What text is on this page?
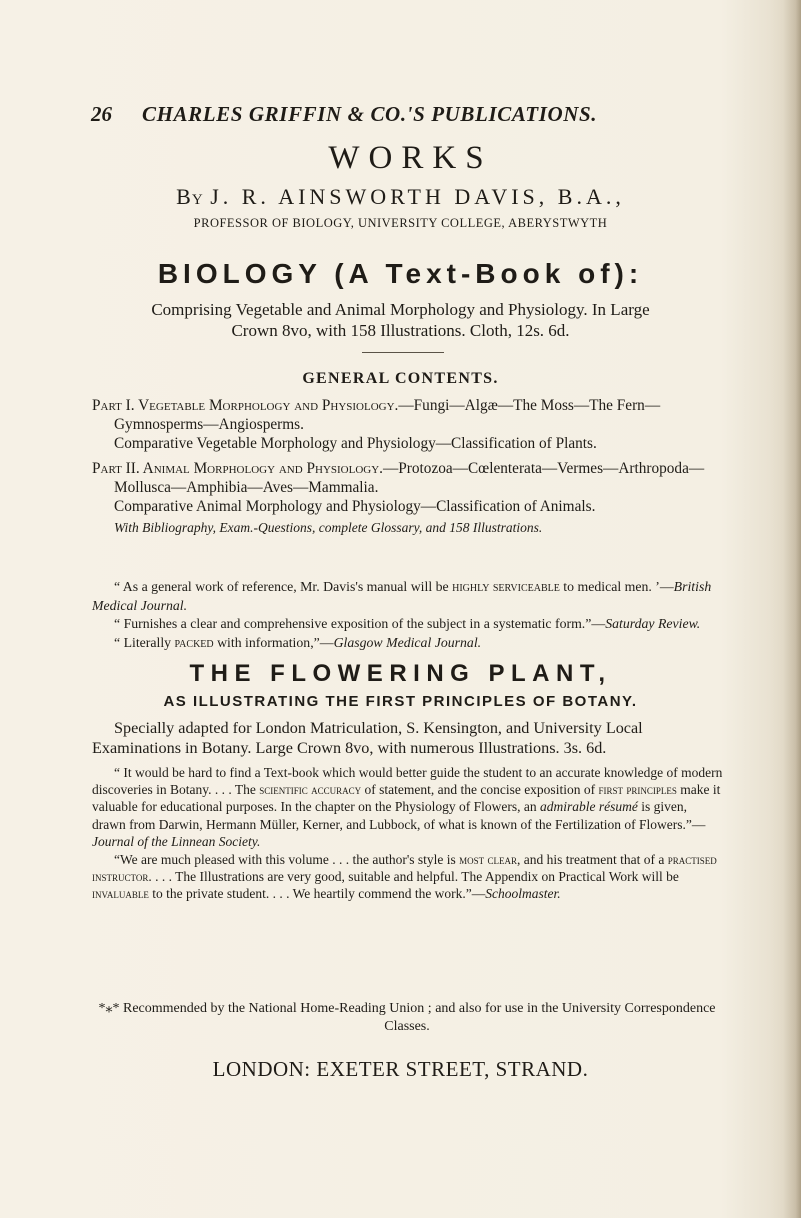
26 CHARLES GRIFFIN & CO.'S PUBLICATIONS.
WORKS
By J. R. AINSWORTH DAVIS, B.A.,
PROFESSOR OF BIOLOGY, UNIVERSITY COLLEGE, ABERYSTWYTH
BIOLOGY (A Text-Book of):
Comprising Vegetable and Animal Morphology and Physiology. In Large
Crown 8vo, with 158 Illustrations. Cloth, 12s. 6d.
GENERAL CONTENTS.

Part I. Vegetable Morphology and Physiology.—Fungi—Algæ—The Moss—The Fern—Gymnosperms—Angiosperms.

Comparative Vegetable Morphology and Physiology—Classification of Plants.

Part II. Animal Morphology and Physiology.—Protozoa—Cœlenterata—Vermes—Arthropoda—Mollusca—Amphibia—Aves—Mammalia.

Comparative Animal Morphology and Physiology—Classification of Animals.

With Bibliography, Exam.-Questions, complete Glossary, and 158 Illustrations.

“ As a general work of reference, Mr. Davis's manual will be highly serviceable to medical men. ’—British Medical Journal.

“ Furnishes a clear and comprehensive exposition of the subject in a systematic form.”—Saturday Review.

“ Literally packed with information,”—Glasgow Medical Journal.

THE FLOWERING PLANT,
AS ILLUSTRATING THE FIRST PRINCIPLES OF BOTANY.
Specially adapted for London Matriculation, S. Kensington, and University Local Examinations in Botany. Large Crown 8vo, with numerous Illustrations. 3s. 6d.

“ It would be hard to find a Text-book which would better guide the student to an accurate knowledge of modern discoveries in Botany. . . . The scientific accuracy of statement, and the concise exposition of first principles make it valuable for educational purposes. In the chapter on the Physiology of Flowers, an admirable résumé is given, drawn from Darwin, Hermann Müller, Kerner, and Lubbock, of what is known of the Fertilization of Flowers.”—Journal of the Linnean Society.

“We are much pleased with this volume . . . the author's style is most clear, and his treatment that of a practised instructor. . . . The Illustrations are very good, suitable and helpful. The Appendix on Practical Work will be invaluable to the private student. . . . We heartily commend the work.”—Schoolmaster.

*⁎* Recommended by the National Home-Reading Union ; and also for use in the University Correspondence Classes.
LONDON: EXETER STREET, STRAND.
